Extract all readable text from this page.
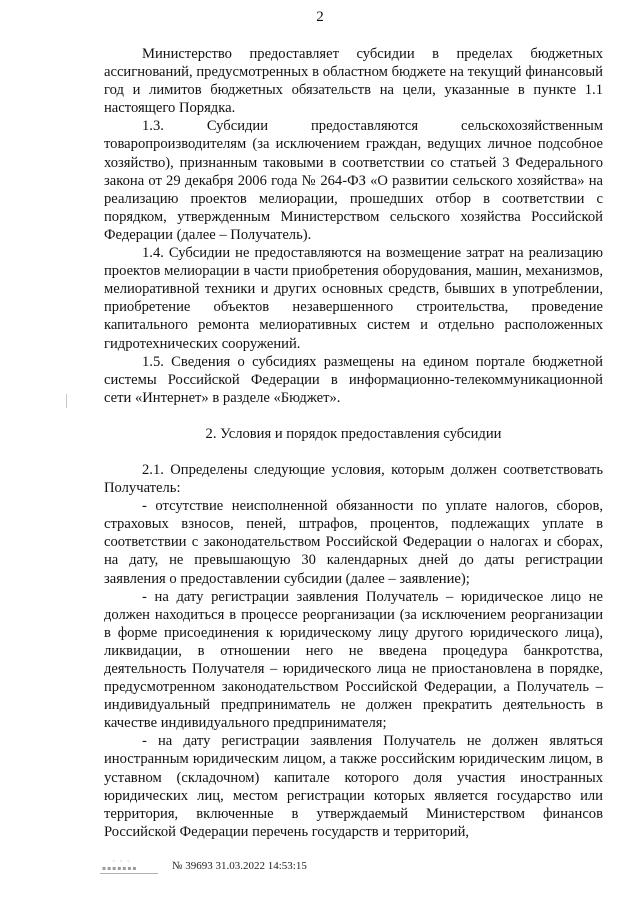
2

Министерство предоставляет субсидии в пределах бюджетных ассигнований, предусмотренных в областном бюджете на текущий финансовый год и лимитов бюджетных обязательств на цели, указанные в пункте 1.1 настоящего Порядка.

1.3. Субсидии предоставляются сельскохозяйственным товаропроизводителям (за исключением граждан, ведущих личное подсобное хозяйство), признанным таковыми в соответствии со статьей 3 Федерального закона от 29 декабря 2006 года № 264-ФЗ «О развитии сельского хозяйства» на реализацию проектов мелиорации, прошедших отбор в соответствии с порядком, утвержденным Министерством сельского хозяйства Российской Федерации (далее – Получатель).

1.4. Субсидии не предоставляются на возмещение затрат на реализацию проектов мелиорации в части приобретения оборудования, машин, механизмов, мелиоративной техники и других основных средств, бывших в употреблении, приобретение объектов незавершенного строительства, проведение капитального ремонта мелиоративных систем и отдельно расположенных гидротехнических сооружений.

1.5. Сведения о субсидиях размещены на едином портале бюджетной системы Российской Федерации в информационно-телекоммуникационной сети «Интернет» в разделе «Бюджет».

2. Условия и порядок предоставления субсидии

2.1. Определены следующие условия, которым должен соответствовать Получатель:

- отсутствие неисполненной обязанности по уплате налогов, сборов, страховых взносов, пеней, штрафов, процентов, подлежащих уплате в соответствии с законодательством Российской Федерации о налогах и сборах, на дату, не превышающую 30 календарных дней до даты регистрации заявления о предоставлении субсидии (далее – заявление);

- на дату регистрации заявления Получатель – юридическое лицо не должен находиться в процессе реорганизации (за исключением реорганизации в форме присоединения к юридическому лицу другого юридического лица), ликвидации, в отношении него не введена процедура банкротства, деятельность Получателя – юридического лица не приостановлена в порядке, предусмотренном законодательством Российской Федерации, а Получатель – индивидуальный предприниматель не должен прекратить деятельность в качестве индивидуального предпринимателя;

- на дату регистрации заявления Получатель не должен являться иностранным юридическим лицом, а также российским юридическим лицом, в уставном (складочном) капитале которого доля участия иностранных юридических лиц, местом регистрации которых является государство или территория, включенные в утверждаемый Министерством финансов Российской Федерации перечень государств и территорий,

◦ ◦ ◦
▪▪▪▪▪▪▪	№ 39693 31.03.2022 14:53:15
